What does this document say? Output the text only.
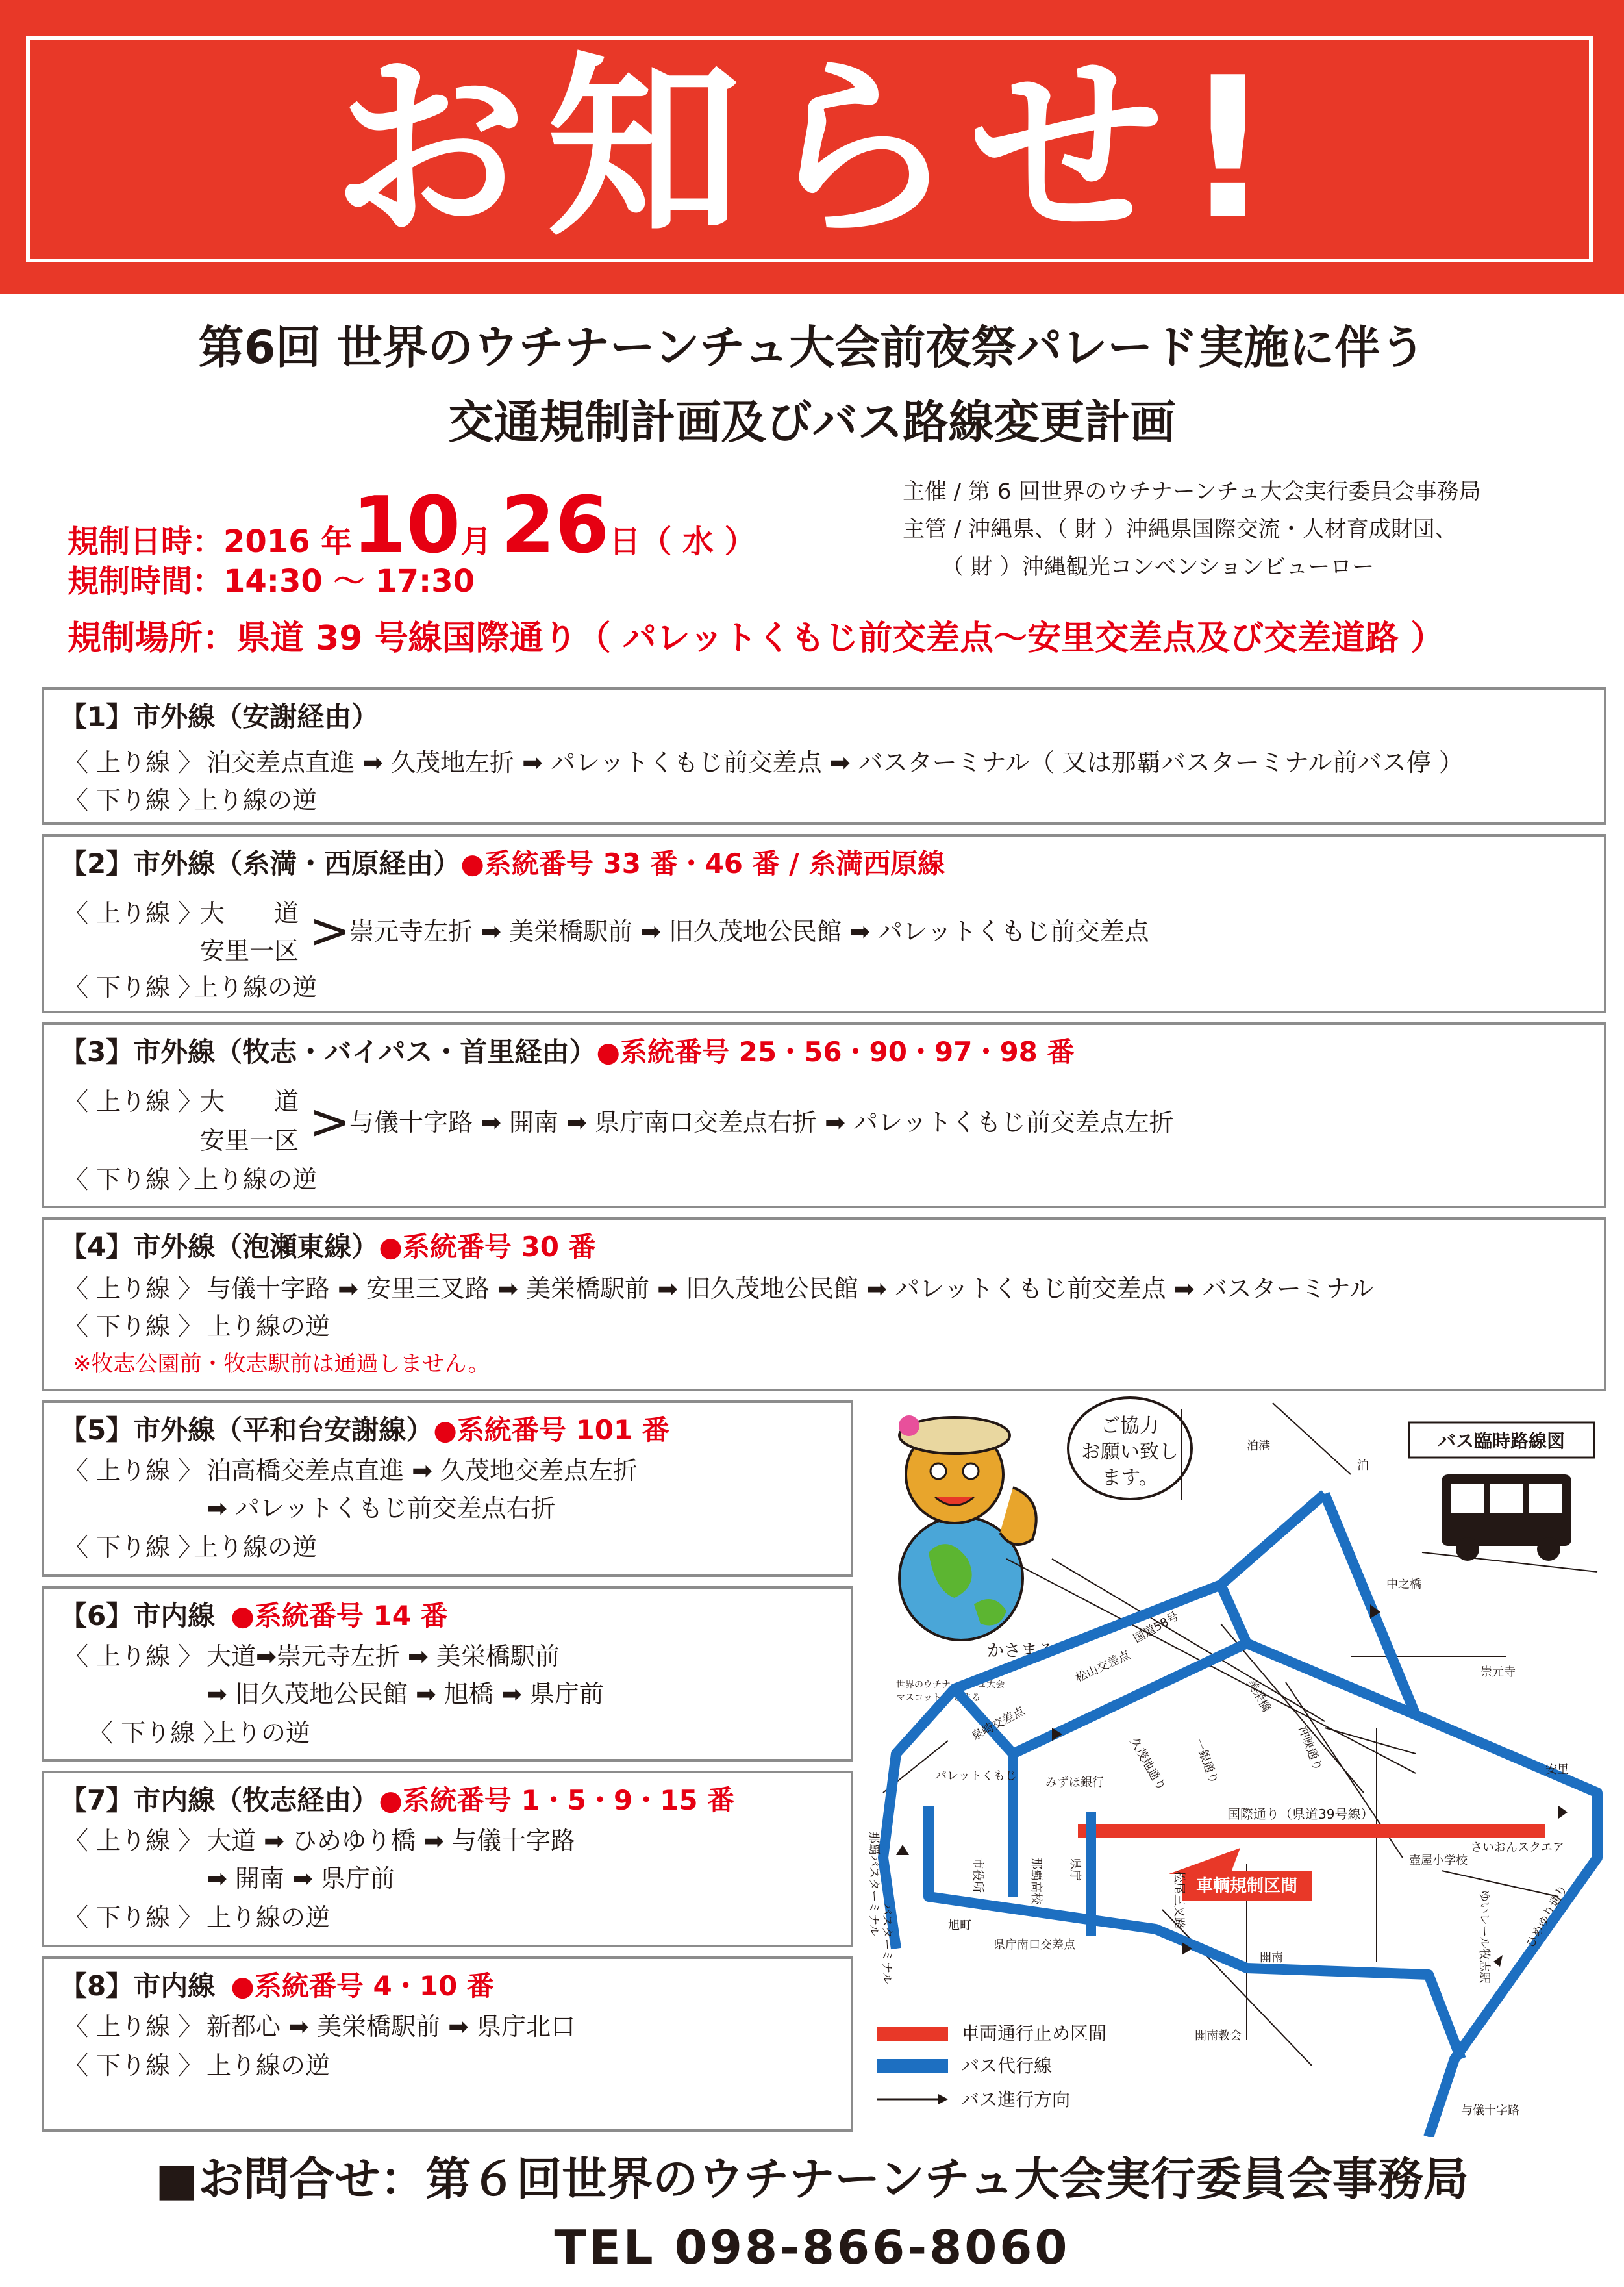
お知らせ!
第6回 世界のウチナーンチュ大会前夜祭パレード実施に伴う
交通規制計画及びバス路線変更計画
規制日時：2016 年10月 26日（ 水 ）
規制時間：14:30 〜 17:30
規制場所：県道 39 号線国際通り（ パレットくもじ前交差点〜安里交差点及び交差道路 ）
主催 / 第 6 回世界のウチナーンチュ大会実行委員会事務局
主管 / 沖縄県、（ 財 ）沖縄県国際交流・人材育成財団、
（ 財 ）沖縄観光コンベンションビューロー
【1】市外線（安謝経由）
〈 上り線 〉 泊交差点直進 ➡ 久茂地左折 ➡ パレットくもじ前交差点 ➡ バスターミナル（ 又は那覇バスターミナル前バス停 ）
〈 下り線 〉
上り線の逆
【2】市外線（糸満・西原経由）●系統番号 33 番・46 番 / 糸満西原線
〈 上り線 〉
大　　道
安里一区 >
崇元寺左折 ➡ 美栄橋駅前 ➡ 旧久茂地公民館 ➡ パレットくもじ前交差点
〈 下り線 〉
上り線の逆
【3】市外線（牧志・バイパス・首里経由）●系統番号 25・56・90・97・98 番
〈 上り線 〉
大　　道
安里一区 >
与儀十字路 ➡ 開南 ➡ 県庁南口交差点右折 ➡ パレットくもじ前交差点左折
〈 下り線 〉
上り線の逆
【4】市外線（泡瀬東線）●系統番号 30 番
〈 上り線 〉 与儀十字路 ➡ 安里三叉路 ➡ 美栄橋駅前 ➡ 旧久茂地公民館 ➡ パレットくもじ前交差点 ➡ バスターミナル
〈 下り線 〉 上り線の逆
※牧志公園前・牧志駅前は通過しません。
【5】市外線（平和台安謝線）●系統番号 101 番
〈 上り線 〉 泊高橋交差点直進 ➡ 久茂地交差点左折
➡ パレットくもじ前交差点右折
〈 下り線 〉
上り線の逆
【6】市内線 ●系統番号 14 番
〈 上り線 〉 大道➡崇元寺左折 ➡ 美栄橋駅前
➡ 旧久茂地公民館 ➡ 旭橋 ➡ 県庁前
〈 下り線 〉
上りの逆
【7】市内線（牧志経由）●系統番号 1・5・9・15 番
〈 上り線 〉 大道 ➡ ひめゆり橋 ➡ 与儀十字路
➡ 開南 ➡ 県庁前
〈 下り線 〉 上り線の逆
【8】市内線 ●系統番号 4・10 番
〈 上り線 〉 新都心 ➡ 美栄橋駅前 ➡ 県庁北口
〈 下り線 〉 上り線の逆
かさまる
世界のウチナーンチュ大会
マスコット かさまる
ご協力
お願い致し
ます。
バス臨時路線図
国際通り（県道39号線）
車輌規制区間
泊港
泊
中之橋
崇元寺
安里
国道58号
松山交差点
泉崎交差点
パレットくもじ みずほ銀行 久茂地通り 一銀通り
美栄橋
沖映通り
市役所	那覇高校 県庁
松尾三叉路
開南
開南教会
県庁南口交差点
旭町
壺屋小学校
さいおんスクエア
ゆいレール牧志駅
バスターミナル
那覇バスターミナル
与儀十字路
ひめゆり通り
車両通行止め区間
バス代行線
バス進行方向
■お問合せ：第６回世界のウチナーンチュ大会実行委員会事務局
TEL 098-866-8060
